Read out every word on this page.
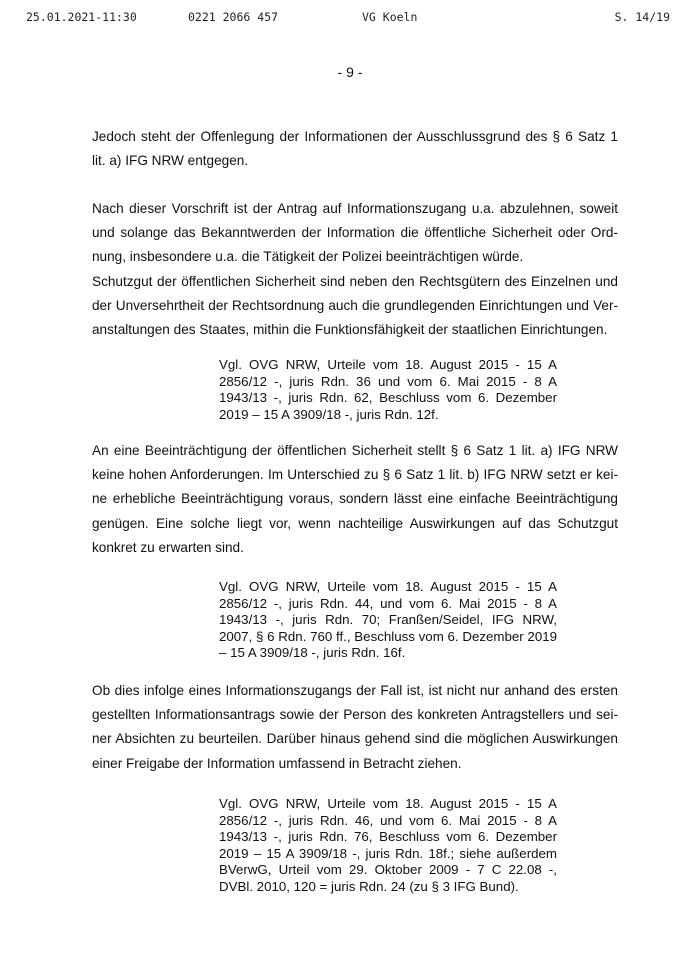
25.01.2021-11:30	0221 2066 457	VG Koeln	S. 14/19
- 9 -

Jedoch steht der Offenlegung der Informationen der Ausschlussgrund des § 6 Satz 1 lit. a) IFG NRW entgegen.

Nach dieser Vorschrift ist der Antrag auf Informationszugang u.a. abzulehnen, soweit und solange das Bekanntwerden der Information die öffentliche Sicherheit oder Ordnung, insbesondere u.a. die Tätigkeit der Polizei beeinträchtigen würde.

Schutzgut der öffentlichen Sicherheit sind neben den Rechtsgütern des Einzelnen und der Unversehrtheit der Rechtsordnung auch die grundlegenden Einrichtungen und Veranstaltungen des Staates, mithin die Funktionsfähigkeit der staatlichen Einrichtungen.

Vgl. OVG NRW, Urteile vom 18. August 2015 - 15 A 2856/12 -, juris Rdn. 36 und vom 6. Mai 2015 - 8 A 1943/13 -, juris Rdn. 62, Beschluss vom 6. Dezember 2019 – 15 A 3909/18 -, juris Rdn. 12f.

An eine Beeinträchtigung der öffentlichen Sicherheit stellt § 6 Satz 1 lit. a) IFG NRW keine hohen Anforderungen. Im Unterschied zu § 6 Satz 1 lit. b) IFG NRW setzt er keine erhebliche Beeinträchtigung voraus, sondern lässt eine einfache Beeinträchtigung genügen. Eine solche liegt vor, wenn nachteilige Auswirkungen auf das Schutzgut konkret zu erwarten sind.

Vgl. OVG NRW, Urteile vom 18. August 2015 - 15 A 2856/12 -, juris Rdn. 44, und vom 6. Mai 2015 - 8 A 1943/13 -, juris Rdn. 70; Franßen/Seidel, IFG NRW, 2007, § 6 Rdn. 760 ff., Beschluss vom 6. Dezember 2019 – 15 A 3909/18 -, juris Rdn. 16f.

Ob dies infolge eines Informationszugangs der Fall ist, ist nicht nur anhand des ersten gestellten Informationsantrags sowie der Person des konkreten Antragstellers und seiner Absichten zu beurteilen. Darüber hinaus gehend sind die möglichen Auswirkungen einer Freigabe der Information umfassend in Betracht ziehen.

Vgl. OVG NRW, Urteile vom 18. August 2015 - 15 A 2856/12 -, juris Rdn. 46, und vom 6. Mai 2015 - 8 A 1943/13 -, juris Rdn. 76, Beschluss vom 6. Dezember 2019 – 15 A 3909/18 -, juris Rdn. 18f.; siehe außerdem BVerwG, Urteil vom 29. Oktober 2009 - 7 C 22.08 -, DVBl. 2010, 120 = juris Rdn. 24 (zu § 3 IFG Bund).
